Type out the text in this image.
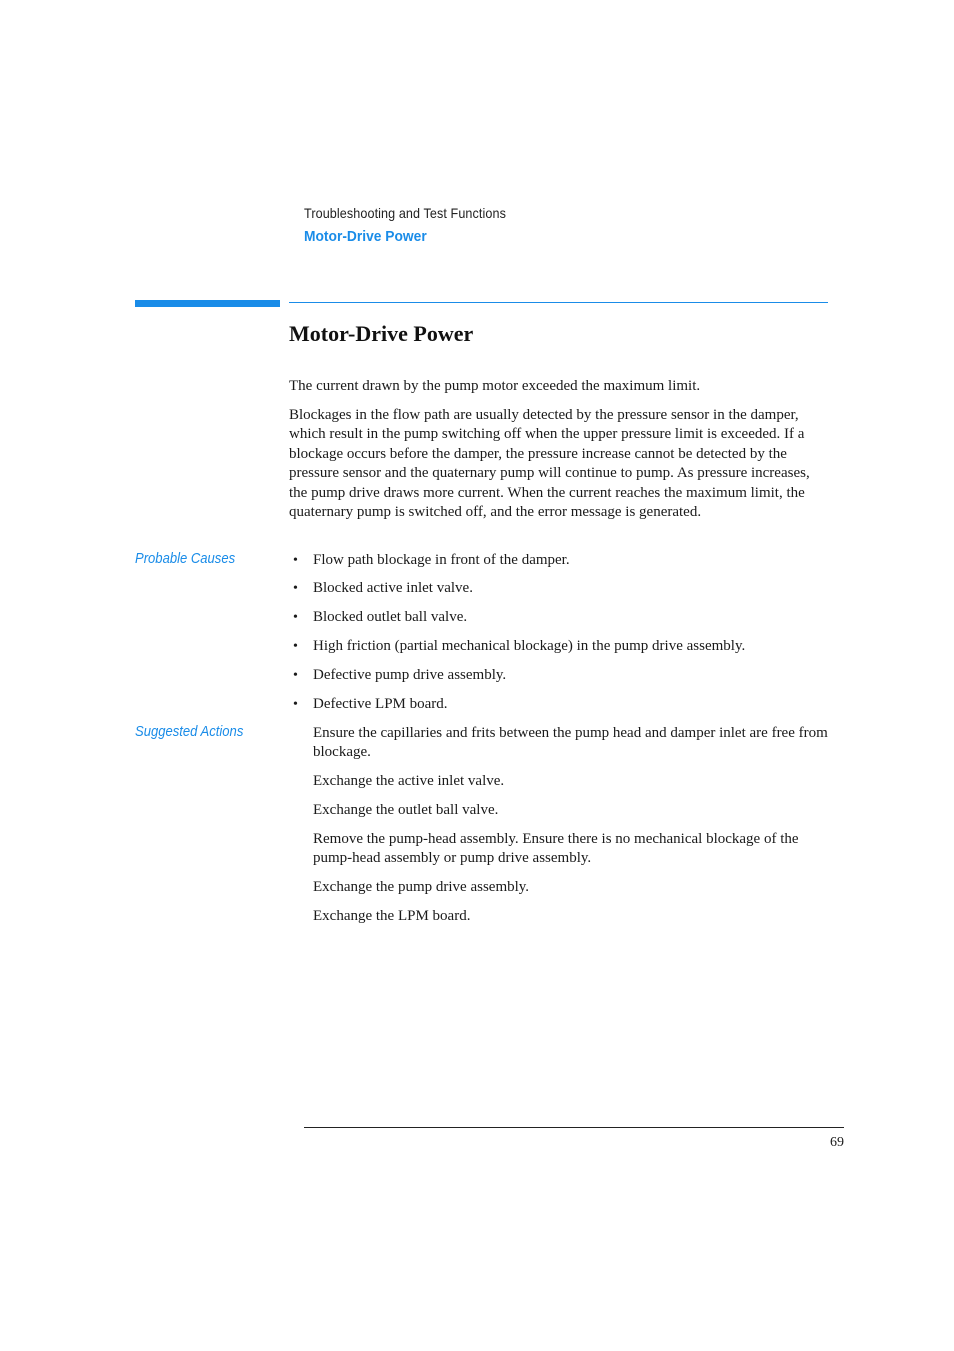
Troubleshooting and Test Functions
Motor-Drive Power
Motor-Drive Power

The current drawn by the pump motor exceeded the maximum limit.

Blockages in the flow path are usually detected by the pressure sensor in the damper, which result in the pump switching off when the upper pressure limit is exceeded. If a blockage occurs before the damper, the pressure increase cannot be detected by the pressure sensor and the quaternary pump will continue to pump. As pressure increases, the pump drive draws more current. When the current reaches the maximum limit, the quaternary pump is switched off, and the error message is generated.

Probable Causes	• Flow path blockage in front of the damper.
• Blocked active inlet valve.
• Blocked outlet ball valve.
• High friction (partial mechanical blockage) in the pump drive assembly.
• Defective pump drive assembly.
• Defective LPM board.
Suggested Actions	Ensure the capillaries and frits between the pump head and damper inlet are free from blockage.

Exchange the active inlet valve.

Exchange the outlet ball valve.

Remove the pump-head assembly. Ensure there is no mechanical blockage of the pump-head assembly or pump drive assembly.

Exchange the pump drive assembly.

Exchange the LPM board.

69
